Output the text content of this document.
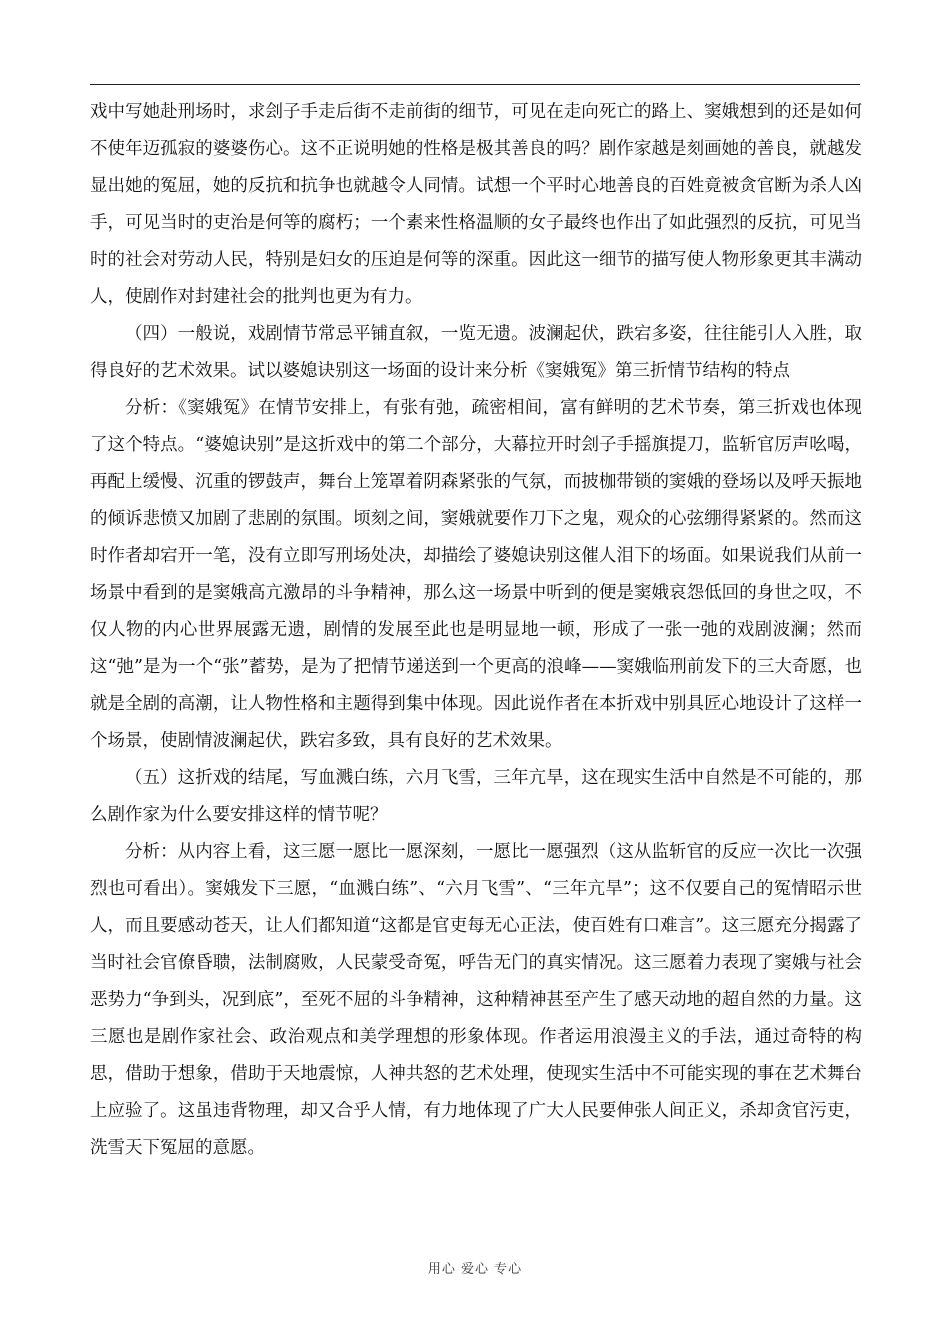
戏中写她赴刑场时，求刽子手走后街不走前街的细节，可见在走向死亡的路上、窦娥想到的还是如何不使年迈孤寂的婆婆伤心。这不正说明她的性格是极其善良的吗？剧作家越是刻画她的善良，就越发显出她的冤屈，她的反抗和抗争也就越令人同情。试想一个平时心地善良的百姓竟被贪官断为杀人凶手，可见当时的吏治是何等的腐朽；一个素来性格温顺的女子最终也作出了如此强烈的反抗，可见当时的社会对劳动人民，特别是妇女的压迫是何等的深重。因此这一细节的描写使人物形象更其丰满动人，使剧作对封建社会的批判也更为有力。

（四）一般说，戏剧情节常忌平铺直叙，一览无遗。波澜起伏，跌宕多姿，往往能引人入胜，取得良好的艺术效果。试以婆媳诀别这一场面的设计来分析《窦娥冤》第三折情节结构的特点

分析：《窦娥冤》在情节安排上，有张有弛，疏密相间，富有鲜明的艺术节奏，第三折戏也体现了这个特点。“婆媳诀别”是这折戏中的第二个部分，大幕拉开时刽子手摇旗提刀，监斩官厉声吆喝，再配上缓慢、沉重的锣鼓声，舞台上笼罩着阴森紧张的气氛，而披枷带锁的窦娥的登场以及呼天振地的倾诉悲愤又加剧了悲剧的氛围。顷刻之间，窦娥就要作刀下之鬼，观众的心弦绷得紧紧的。然而这时作者却宕开一笔，没有立即写刑场处决，却描绘了婆媳诀别这催人泪下的场面。如果说我们从前一场景中看到的是窦娥高亢激昂的斗争精神，那么这一场景中听到的便是窦娥哀怨低回的身世之叹，不仅人物的内心世界展露无遗，剧情的发展至此也是明显地一顿，形成了一张一弛的戏剧波澜；然而这“弛”是为一个“张”蓄势，是为了把情节递送到一个更高的浪峰——窦娥临刑前发下的三大奇愿，也就是全剧的高潮，让人物性格和主题得到集中体现。因此说作者在本折戏中别具匠心地设计了这样一个场景，使剧情波澜起伏，跌宕多致，具有良好的艺术效果。

（五）这折戏的结尾，写血溅白练，六月飞雪，三年亢旱，这在现实生活中自然是不可能的，那么剧作家为什么要安排这样的情节呢？

分析：从内容上看，这三愿一愿比一愿深刻，一愿比一愿强烈（这从监斩官的反应一次比一次强烈也可看出）。窦娥发下三愿，“血溅白练”、“六月飞雪”、“三年亢旱”；这不仅要自己的冤情昭示世人，而且要感动苍天，让人们都知道“这都是官吏每无心正法，使百姓有口难言”。这三愿充分揭露了当时社会官僚昏聩，法制腐败，人民蒙受奇冤，呼告无门的真实情况。这三愿着力表现了窦娥与社会恶势力“争到头，况到底”，至死不屈的斗争精神，这种精神甚至产生了感天动地的超自然的力量。这三愿也是剧作家社会、政治观点和美学理想的形象体现。作者运用浪漫主义的手法，通过奇特的构思，借助于想象，借助于天地震惊，人神共怒的艺术处理，使现实生活中不可能实现的事在艺术舞台上应验了。这虽违背物理，却又合乎人情，有力地体现了广大人民要伸张人间正义，杀却贪官污吏，洗雪天下冤屈的意愿。

用心 爱心 专心
